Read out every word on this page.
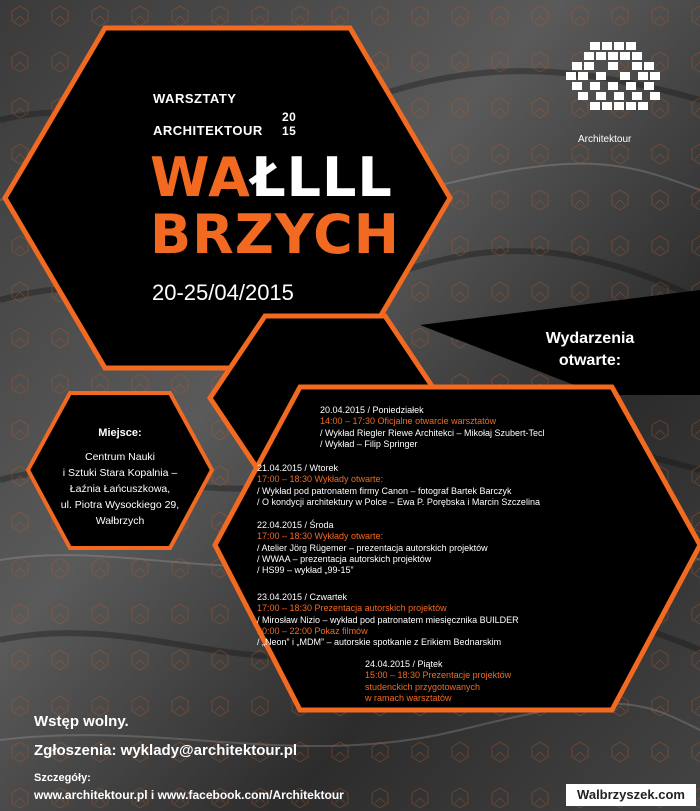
WARSZTATY
ARCHITEKTOUR
20
15
WAŁLLL
BRZYCH
20-25/04/2015
Architektour
Wydarzenia
otwarte:
Miejsce:
Centrum Nauki
i Sztuki Stara Kopalnia –
Łaźnia Łańcuszkowa,
ul. Piotra Wysockiego 29,
Wałbrzych

20.04.2015 / Poniedziałek

14:00 – 17:30 Oficjalne otwarcie warsztatów

/ Wykład Riegler Riewe Architekci – Mikołaj Szubert-Tecl

/ Wykład – Filip Springer

21.04.2015 / Wtorek

17:00 – 18:30 Wykłady otwarte:

/ Wykład pod patronatem firmy Canon – fotograf Bartek Barczyk

/ O kondycji architektury w Polce – Ewa P. Porębska i Marcin Szczelina

22.04.2015 / Środa

17:00 – 18:30 Wykłady otwarte:

/ Atelier Jörg Rügemer – prezentacja autorskich projektów

/ WWAA – prezentacja autorskich projektów

/ HS99 – wykład „99-15”

23.04.2015 / Czwartek

17:00 – 18:30 Prezentacja autorskich projektów

/ Mirosław Nizio – wykład pod patronatem miesięcznika BUILDER

20:00 – 22:00 Pokaz filmów

/ „Neon” i „MDM” – autorskie spotkanie z Erikiem Bednarskim

24.04.2015 / Piątek

15:00 – 18:30 Prezentacje projektów

studenckich przygotowanych

w ramach warsztatów

Wstęp wolny.
Zgłoszenia: wyklady@architektour.pl
Szczegóły:
www.architektour.pl i www.facebook.com/Architektour	Walbrzyszek.com
